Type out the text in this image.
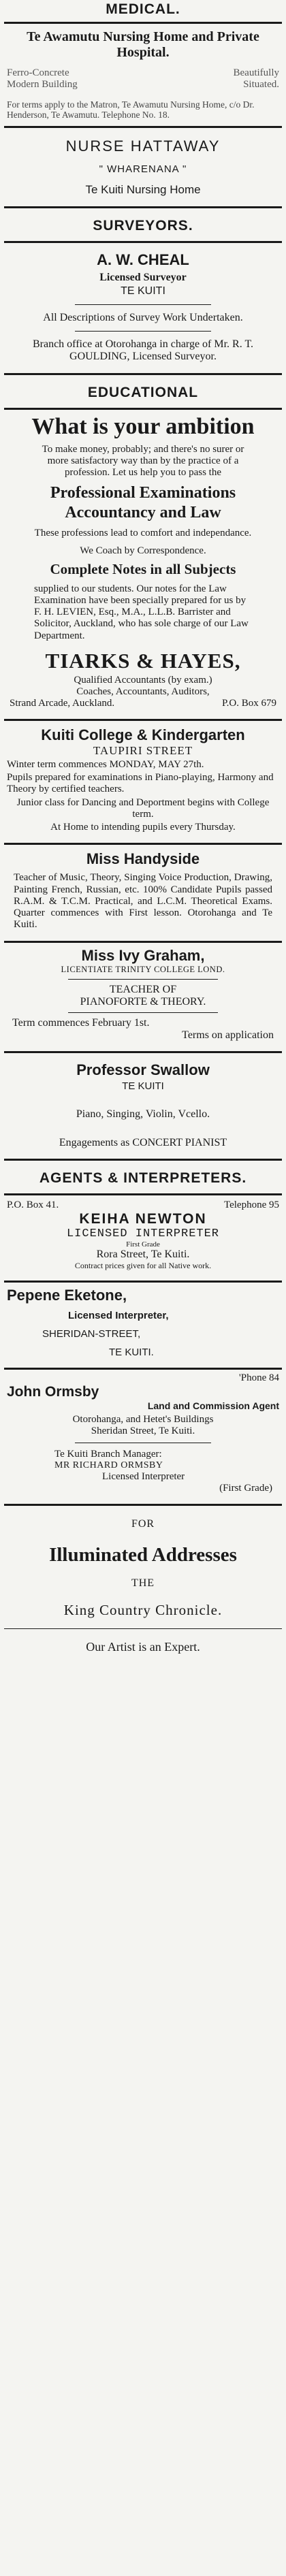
MEDICAL.
Te Awamutu Nursing Home and Private Hospital.
Ferro-Concrete
Modern Building
Beautifully
Situated.
For terms apply to the Matron, Te Awamutu Nursing Home, c/o Dr. Henderson, Te Awamutu. Telephone No. 18.
NURSE HATTAWAY
" WHARENANA "
Te Kuiti Nursing Home
SURVEYORS.
A. W. CHEAL
Licensed Surveyor
TE KUITI
All Descriptions of Survey Work Undertaken.
Branch office at Otorohanga in charge of Mr. R. T. GOULDING, Licensed Surveyor.
EDUCATIONAL
What is your ambition
To make money, probably; and there's no surer or more satisfactory way than by the practice of a profession. Let us help you to pass the
Professional Examinations
Accountancy and Law
These professions lead to comfort and independance.
We Coach by Correspondence.
Complete Notes in all Subjects
supplied to our students. Our notes for the Law Examination have been specially prepared for us by F. H. LEVIEN, Esq., M.A., L.L.B. Barrister and Solicitor, Auckland, who has sole charge of our Law Department.
TIARKS & HAYES,
Qualified Accountants (by exam.)
Coaches, Accountants, Auditors,
Strand Arcade, Auckland.	P.O. Box 679
Kuiti College & Kindergarten
TAUPIRI STREET
Winter term commences MONDAY, MAY 27th.
Pupils prepared for examinations in Piano-playing, Harmony and Theory by certified teachers.
Junior class for Dancing and Deportment begins with College term.
At Home to intending pupils every Thursday.
Miss Handyside
Teacher of Music, Theory, Singing Voice Production, Drawing, Painting French, Russian, etc. 100% Candidate Pupils passed R.A.M. & T.C.M. Practical, and L.C.M. Theoretical Exams. Quarter commences with First lesson. Otorohanga and Te Kuiti.
Miss Ivy Graham,
LICENTIATE TRINITY COLLEGE LOND.
TEACHER OF
PIANOFORTE & THEORY.
Term commences February 1st.
Terms on application
Professor Swallow
TE KUITI
Piano, Singing, Violin, Vcello.
Engagements as CONCERT PIANIST
AGENTS & INTERPRETERS.
P.O. Box 41.	Telephone 95
KEIHA NEWTON
LICENSED INTERPRETER
First Grade
Rora Street, Te Kuiti.
Contract prices given for all Native work.
Pepene Eketone,
Licensed Interpreter,
SHERIDAN-STREET,
TE KUITI.
'Phone 84
John Ormsby
Land and Commission Agent
Otorohanga, and Hetet's Buildings
Sheridan Street, Te Kuiti.
Te Kuiti Branch Manager:
MR RICHARD ORMSBY
Licensed Interpreter
(First Grade)
FOR
Illuminated Addresses
THE
King Country Chronicle.
Our Artist is an Expert.
